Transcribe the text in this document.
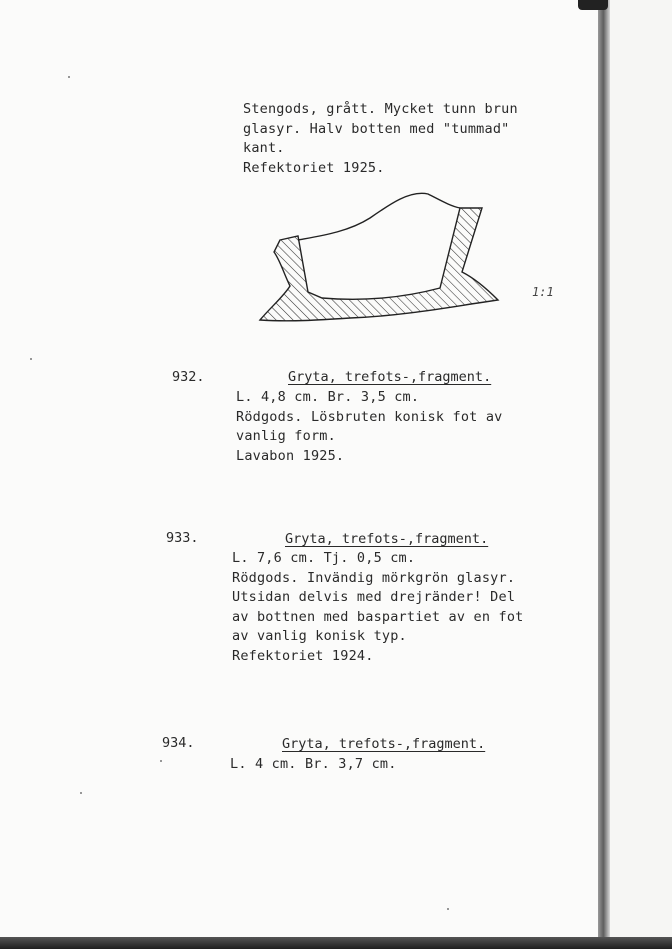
Stengods, grått. Mycket tunn brun
glasyr. Halv botten med "tummad"
kant.
Refektoriet 1925.
1:1
932.	Gryta, trefots-,fragment.
L. 4,8 cm. Br. 3,5 cm.
Rödgods. Lösbruten konisk fot av
vanlig form.
Lavabon 1925.
933.	Gryta, trefots-,fragment.
L. 7,6 cm. Tj. 0,5 cm.
Rödgods. Invändig mörkgrön glasyr.
Utsidan delvis med drejränder! Del
av bottnen med baspartiet av en fot
av vanlig konisk typ.
Refektoriet 1924.
934.	Gryta, trefots-,fragment.
L. 4 cm. Br. 3,7 cm.
